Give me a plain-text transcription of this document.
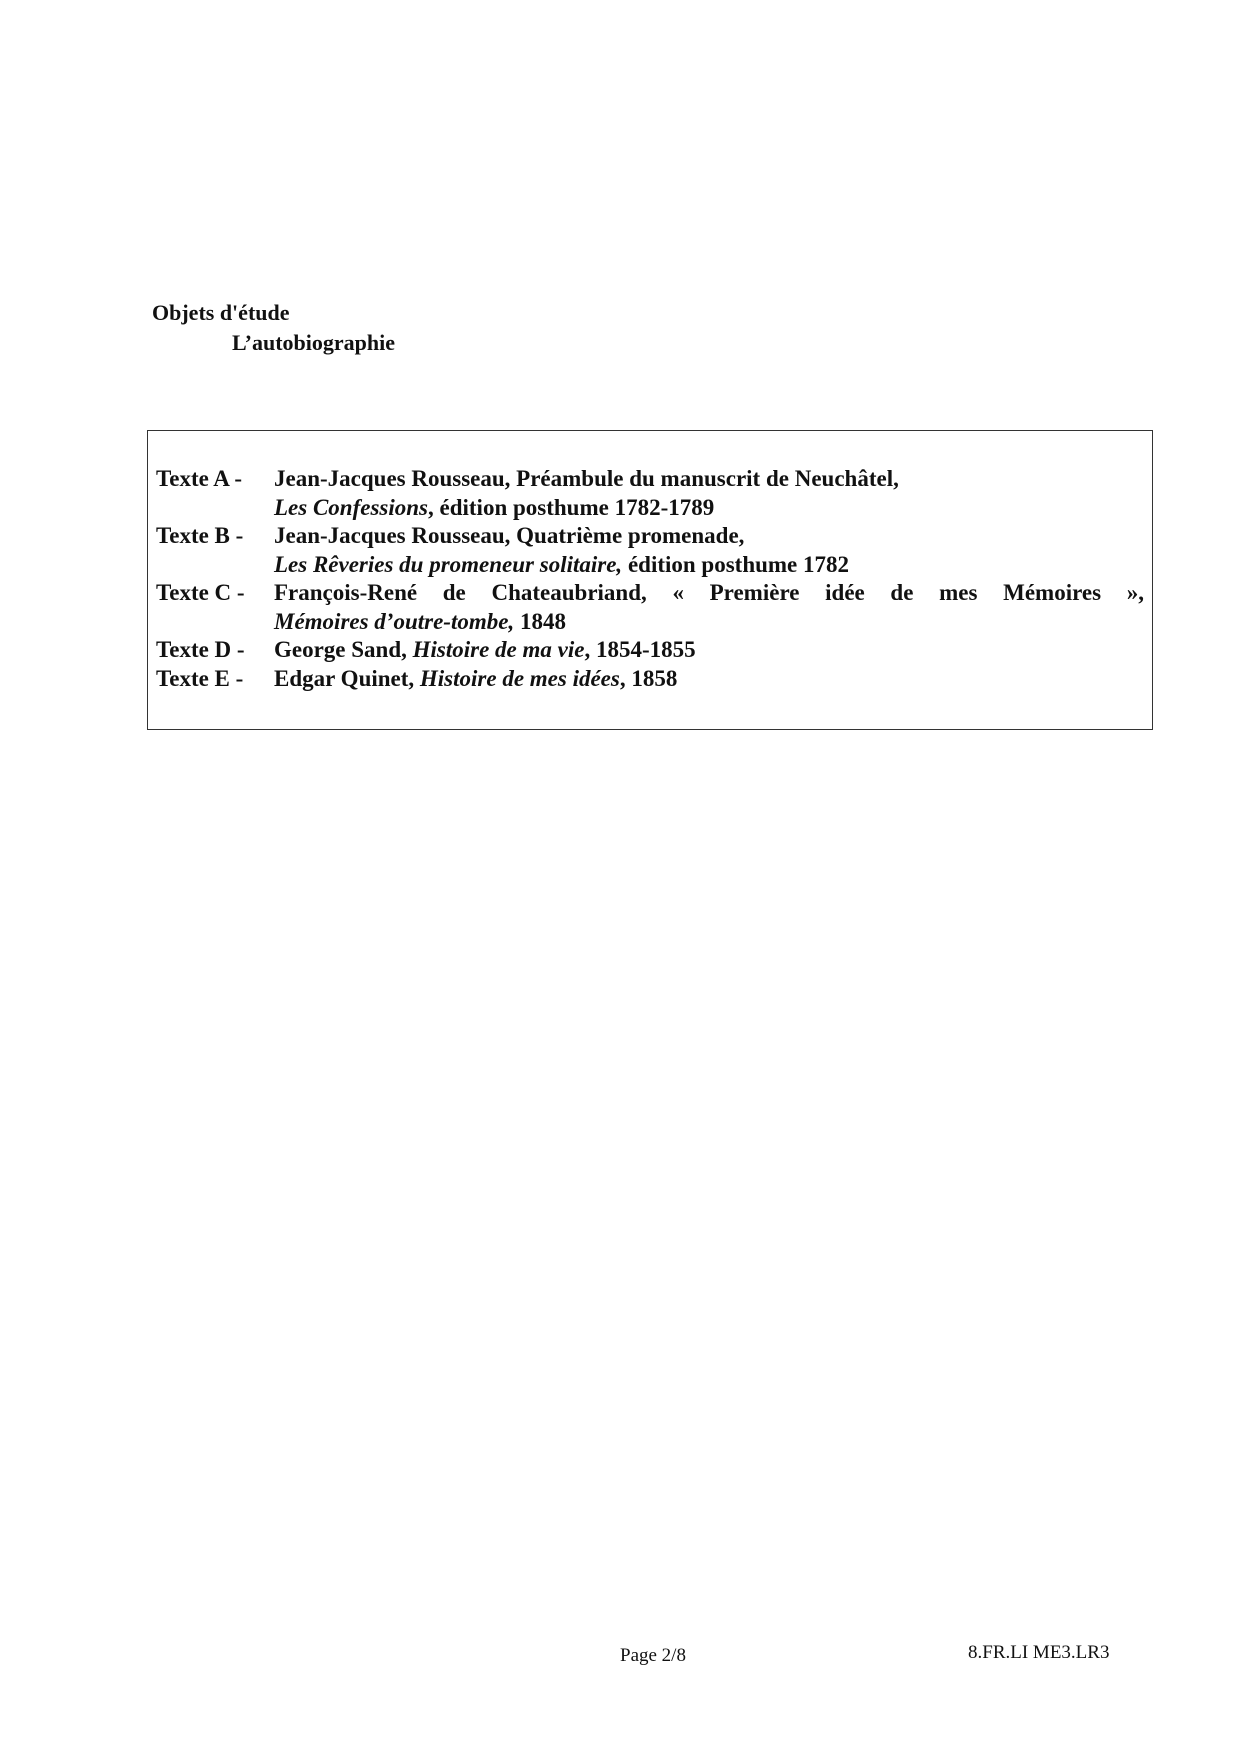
Objets d'étude
L’autobiographie
Texte A -	Jean-Jacques Rousseau, Préambule du manuscrit de Neuchâtel,
Les Confessions, édition posthume 1782-1789
Texte B -	Jean-Jacques Rousseau, Quatrième promenade,
Les Rêveries du promeneur solitaire, édition posthume 1782
Texte C -	François-René de Chateaubriand, « Première idée de mes Mémoires »,
Mémoires d’outre-tombe, 1848
Texte D -	George Sand, Histoire de ma vie, 1854-1855
Texte E -	Edgar Quinet, Histoire de mes idées, 1858
Page 2/8	8.FR.LI ME3.LR3
